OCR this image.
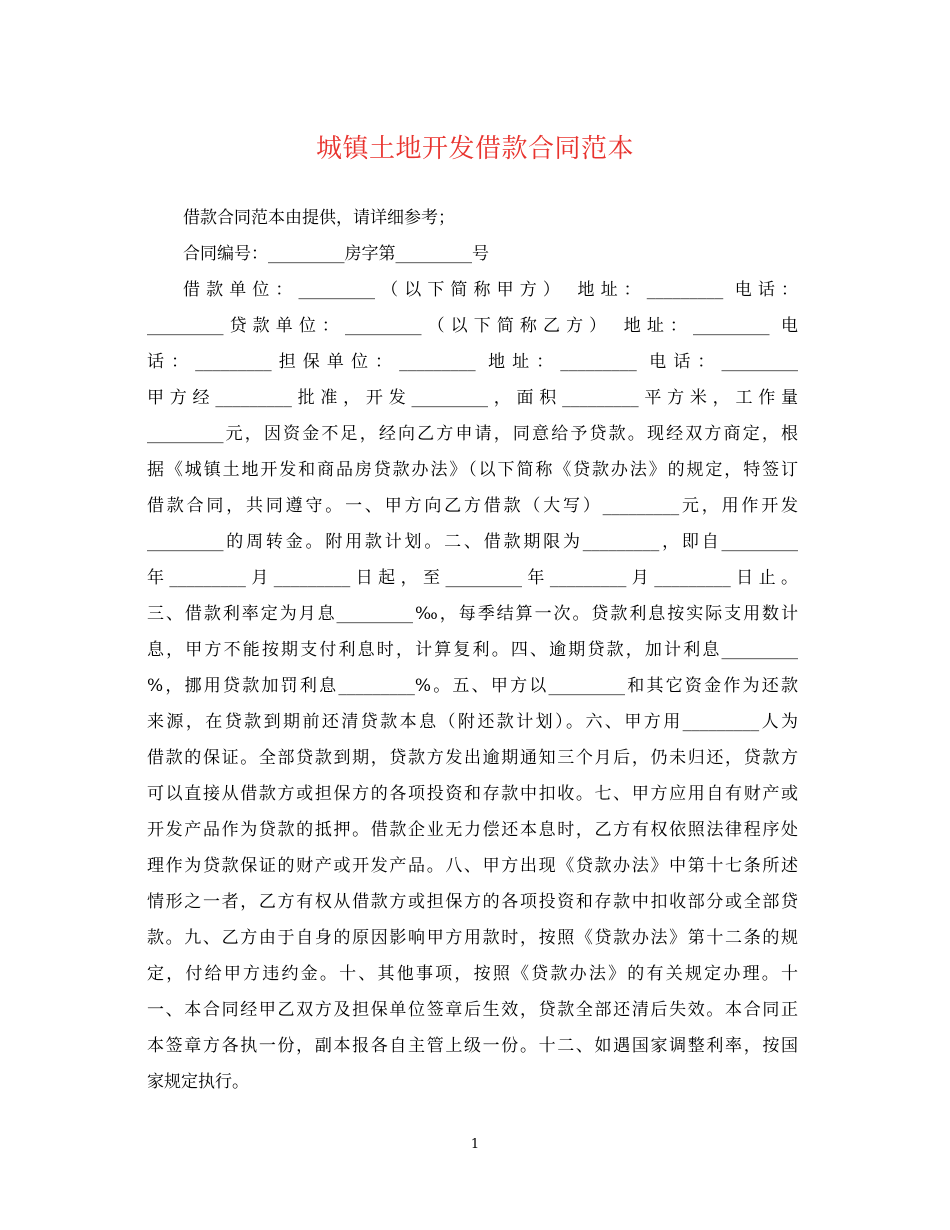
城镇土地开发借款合同范本
借款合同范本由提供，请详细参考；
合同编号：_________房字第_________号
借款单位：_________（以下简称甲方） 地址：_________ 电话：
_________贷款单位：_________（以下简称乙方） 地址：_________ 电
话：_________担保单位：_________ 地址：_________ 电话：_________
甲方经_________批准，开发_________，面积_________平方米，工作量
_________元，因资金不足，经向乙方申请，同意给予贷款。现经双方商定，根
据《城镇土地开发和商品房贷款办法》（以下简称《贷款办法》的规定，特签订
借款合同，共同遵守。一、甲方向乙方借款（大写）_________元，用作开发
_________的周转金。附用款计划。二、借款期限为_________，即自_________
年_________月_________日起，至_________年_________月_________日止。
三、借款利率定为月息_________‰，每季结算一次。贷款利息按实际支用数计
息，甲方不能按期支付利息时，计算复利。四、逾期贷款，加计利息_________
%，挪用贷款加罚利息_________%。五、甲方以_________和其它资金作为还款
来源，在贷款到期前还清贷款本息（附还款计划）。六、甲方用_________人为
借款的保证。全部贷款到期，贷款方发出逾期通知三个月后，仍未归还，贷款方
可以直接从借款方或担保方的各项投资和存款中扣收。七、甲方应用自有财产或
开发产品作为贷款的抵押。借款企业无力偿还本息时，乙方有权依照法律程序处
理作为贷款保证的财产或开发产品。八、甲方出现《贷款办法》中第十七条所述
情形之一者，乙方有权从借款方或担保方的各项投资和存款中扣收部分或全部贷
款。九、乙方由于自身的原因影响甲方用款时，按照《贷款办法》第十二条的规
定，付给甲方违约金。十、其他事项，按照《贷款办法》的有关规定办理。十
一、本合同经甲乙双方及担保单位签章后生效，贷款全部还清后失效。本合同正
本签章方各执一份，副本报各自主管上级一份。十二、如遇国家调整利率，按国
家规定执行。
1
